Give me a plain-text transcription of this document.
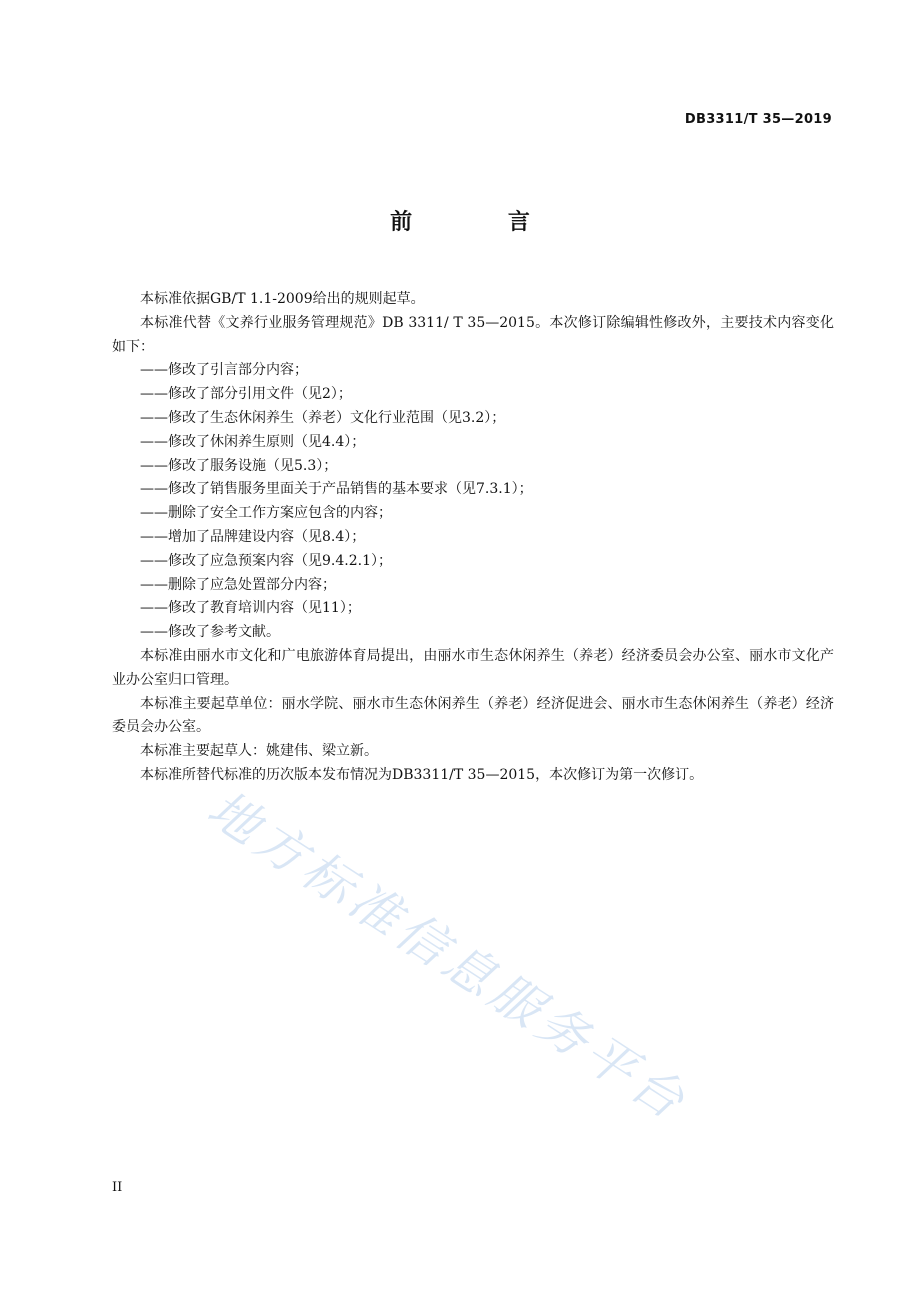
DB3311/T 35—2019
前 言

本标准依据GB/T 1.1-2009给出的规则起草。

本标准代替《文养行业服务管理规范》DB 3311/ T 35—2015。本次修订除编辑性修改外，主要技术内容变化如下：

——修改了引言部分内容；

——修改了部分引用文件（见2）；

——修改了生态休闲养生（养老）文化行业范围（见3.2）；

——修改了休闲养生原则（见4.4）；

——修改了服务设施（见5.3）；

——修改了销售服务里面关于产品销售的基本要求（见7.3.1）；

——删除了安全工作方案应包含的内容；

——增加了品牌建设内容（见8.4）；

——修改了应急预案内容（见9.4.2.1）；

——删除了应急处置部分内容；

——修改了教育培训内容（见11）；

——修改了参考文献。

本标准由丽水市文化和广电旅游体育局提出，由丽水市生态休闲养生（养老）经济委员会办公室、丽水市文化产业办公室归口管理。

本标准主要起草单位：丽水学院、丽水市生态休闲养生（养老）经济促进会、丽水市生态休闲养生（养老）经济委员会办公室。

本标准主要起草人：姚建伟、梁立新。

本标准所替代标准的历次版本发布情况为DB3311/T 35—2015，本次修订为第一次修订。

地方标准信息服务平台
II
